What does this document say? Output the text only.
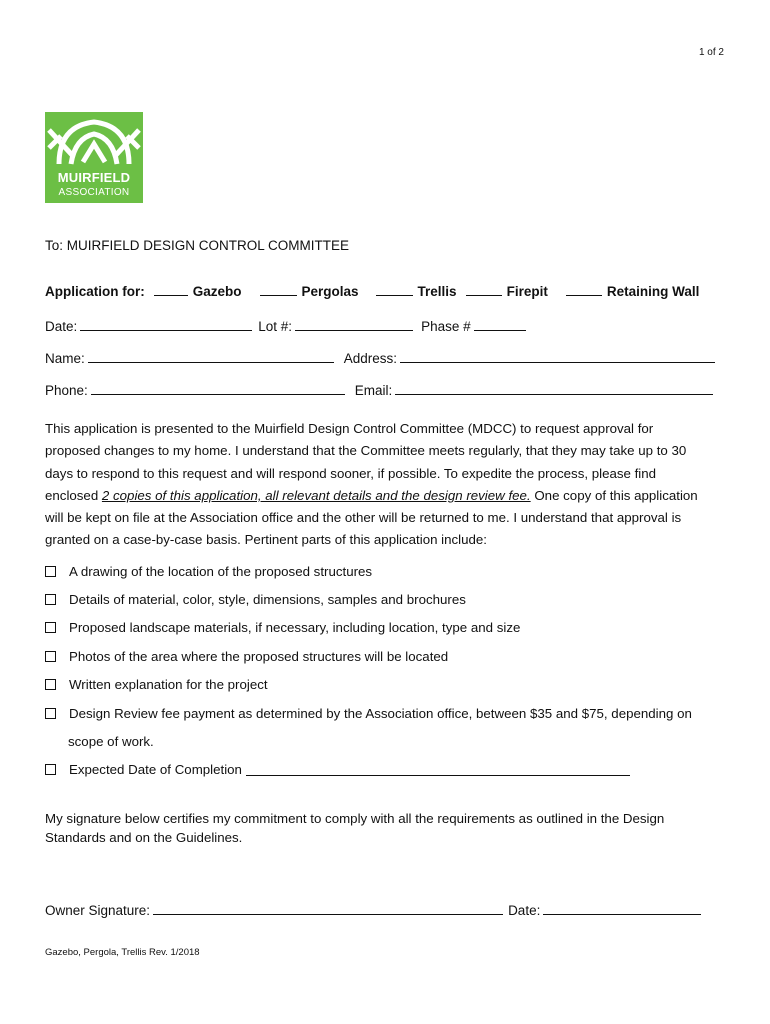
1 of 2
MUIRFIELD
ASSOCIATION
To: MUIRFIELD DESIGN CONTROL COMMITTEE
Application for:	Gazebo	Pergolas	Trellis	Firepit	Retaining Wall
Date:	Lot #:	Phase #
Name:	Address:
Phone:	Email:
This application is presented to the Muirfield Design Control Committee (MDCC) to request approval for
proposed changes to my home. I understand that the Committee meets regularly, that they may take up to 30
days to respond to this request and will respond sooner, if possible. To expedite the process, please find
enclosed 2 copies of this application, all relevant details and the design review fee. One copy of this application
will be kept on file at the Association office and the other will be returned to me. I understand that approval is
granted on a case-by-case basis. Pertinent parts of this application include:
A drawing of the location of the proposed structures
Details of material, color, style, dimensions, samples and brochures
Proposed landscape materials, if necessary, including location, type and size
Photos of the area where the proposed structures will be located
Written explanation for the project
Design Review fee payment as determined by the Association office, between $35 and $75, depending on
scope of work.
Expected Date of Completion
My signature below certifies my commitment to comply with all the requirements as outlined in the Design
Standards and on the Guidelines.
Owner Signature:	Date:
Gazebo, Pergola, Trellis Rev. 1/2018
